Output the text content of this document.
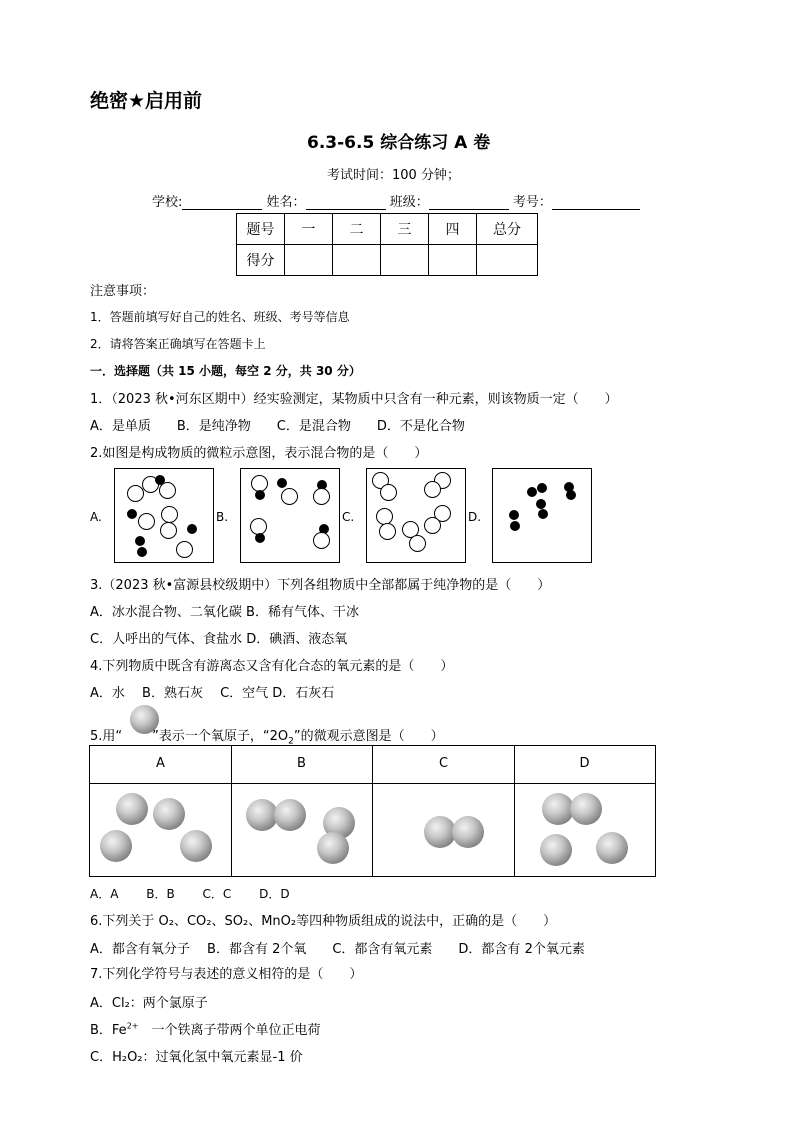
绝密★启用前
6.3-6.5 综合练习 A 卷
考试时间：100 分钟；
学校:	姓名：	班级：	考号：
题号	一	二	三	四	总分
得分					
注意事项：
1．答题前填写好自己的姓名、班级、考号等信息
2．请将答案正确填写在答题卡上
一．选择题（共 15 小题，每空 2 分，共 30 分）
1．（2023 秋•河东区期中）经实验测定，某物质中只含有一种元素，则该物质一定（　　）
A．是单质　　B．是纯净物　　C．是混合物　　D．不是化合物
2.如图是构成物质的微粒示意图，表示混合物的是（　　）
A.	B.	C.	D.
3.（2023 秋•富源县校级期中）下列各组物质中全部都属于纯净物的是（　　）
A．冰水混合物、二氧化碳 B．稀有气体、干冰
C．人呼出的气体、食盐水 D．碘酒、液态氧
4.下列物质中既含有游离态又含有化合态的氧元素的是（　　）
A．水　 B．熟石灰　 C．空气 D．石灰石
5.用“ ”表示一个氧原子，“$2O_2$”的微观示意图是（　　）
A	B	C	D
A．A　　 B．B　　 C．C　　 D．D
6.下列关于 O₂、CO₂、SO₂、MnO₂等四种物质组成的说法中，正确的是（　　）
A．都含有氧分子　 B．都含有 2个氧　　C．都含有氧元素　　D．都含有 2个氧元素
7.下列化学符号与表述的意义相符的是（　　）
A．Cl₂：两个氯原子
B．$Fe^{2+}$　一个铁离子带两个单位正电荷
C．H₂O₂：过氧化氢中氧元素显-1 价
